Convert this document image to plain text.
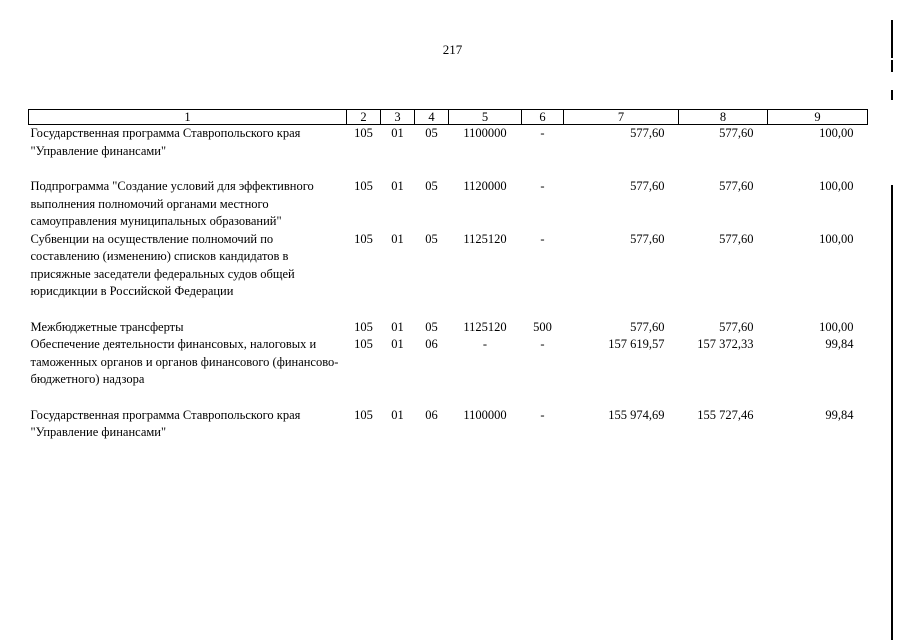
217
1	2	3	4	5	6	7	8	9
Государственная программа Ставропольского края "Управление финансами"	105	01	05	1100000	-	577,60	577,60	100,00

Подпрограмма "Создание условий для эффективного выполнения полномочий органами местного самоуправления муниципальных образований"	105	01	05	1120000	-	577,60	577,60	100,00
Субвенции на осуществление полномочий по составлению (изменению) списков кандидатов в присяжные заседатели федеральных судов общей юрисдикции в Российской Федерации	105	01	05	1125120	-	577,60	577,60	100,00

Межбюджетные трансферты	105	01	05	1125120	500	577,60	577,60	100,00
Обеспечение деятельности финансовых, налоговых и таможенных органов и органов финансового (финансово-бюджетного) надзора	105	01	06	-	-	157 619,57	157 372,33	99,84

Государственная программа Ставропольского края "Управление финансами"	105	01	06	1100000	-	155 974,69	155 727,46	99,84
